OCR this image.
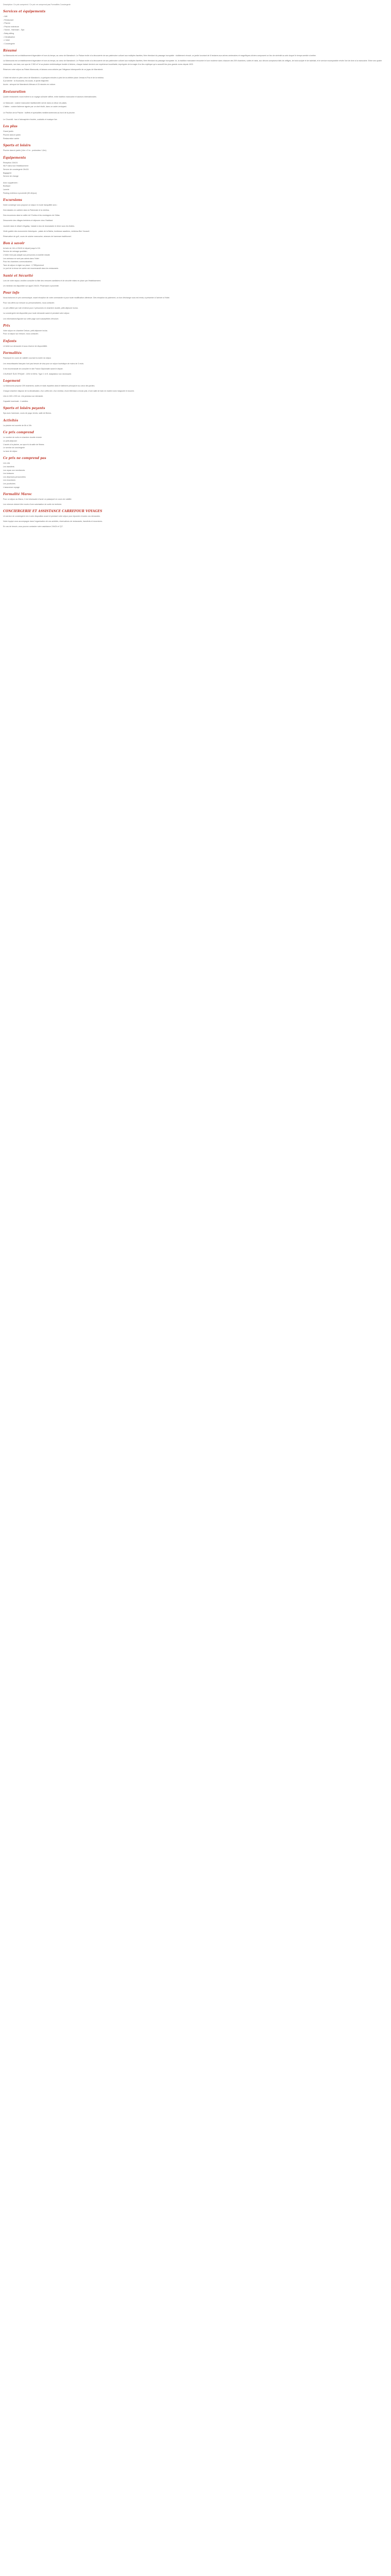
Description: Ce prix comprend / Ce prix ne comprend pas Formalités Conciergerie

Services et équipements

• Wifi

• Restaurant

• Piscine

• Piscine extérieure

• Sauna - Hammam - Spa

• Baby-sitting

• Climatisation

• L'hôtel

• Conciergerie

Résumé

La Mamounia est un établissement légendaire et hors du temps, au cœur de Marrakech. Le Palace invite à la découverte de son patrimoine culturel aux multiples facettes, fière étendard du passage incroyable : visiblement rénové, un jardin luxuriant de 8 hectares aux arbres centenaires et magnifiques oliviers composent un lieu de sérénité au sein duquel le temps semble s'arrêter.

La Mamounia est un établissement légendaire et hors du temps, au cœur de Marrakech. Le Palace invite à la découverte de son patrimoine culturel aux multiples facettes, fière étendard du passage incroyable. Ici, la tradition marocaine rencontre le luxe moderne dans chacune des 209 chambres, suites et riads, aux décors somptueux faits de zelliges, de bois sculpté et de tadelakt, et le service incomparable révèle l'art de vivre à la marocaine. Entre ses quatre restaurants, ses bars, son spa de 2 500 m² et sa piscine emblématique bordée d'oliviers, chaque instant devient une expérience inoubliable, imprégnée de la magie d'un lieu mythique qui a accueilli les plus grands noms depuis 1923.

Réservez votre séjour au Palais Mamounia, et laissez-vous séduire par l'élégance intemporelle de ce joyau de Marrakech.

L'hôtel est situé en plein cœur de Marrakech, à quelques minutes à pied de la célèbre place Jemaa el-Fna et de la médina.

À proximité : la Koutoubia, les souks, le jardin Majorelle.

Accès : aéroport de Marrakech-Ménara à 15 minutes en voiture.

Restauration

Quatre restaurants vous invitent à un voyage culinaire raffiné, entre tradition marocaine et saveurs internationales.

Le Marocain : cuisine marocaine traditionnelle servie dans un décor de palais.

L'Italien : cuisine italienne signée par un chef étoilé, dans un cadre verdoyant.

Le Pavillon de la Piscine : buffets et spécialités méditerranéennes au bord de la piscine.

Le Churchill : bar à l'atmosphère feutrée, cocktails et musique live.

Les plus

Grand jardin

Piscine dans le jardin

Restauration variée

Sports et loisirs

Piscine dans le jardin (14m x 5 m - profondeur 1,6m)

Équipements

Réception 24h/24

Wi-Fi dans tout l'établissement

Service de conciergerie 24h/24

Bagagerie

Service de change

Avec supplément :

Boutique

Laverie

Parking extérieur à proximité (50 dh/jour)

Excursions

Notre concierge vous propose un séjour en toute tranquillité avec :

Des balades en calèche dans la Palmeraie et la médina.

Des excursions dans la vallée de l'Ourika et les montagnes de l'Atlas.

Découverte des villages berbères et déjeuner chez l'habitant.

Journée dans le désert d'Agafay : balade à dos de dromadaire et dîner sous les étoiles.

Visite guidée des monuments historiques : palais de la Bahia, tombeaux saadiens, médersa Ben Youssef.

Réservation de golf, cours de cuisine marocaine, séances de hammam traditionnel.

Bon à savoir

Arrivée de 14h à 23h30 et départ jusqu'à 12h

Service de ménage quotidien

L'hôtel n'est pas adapté aux personnes à mobilité réduite

Les animaux ne sont pas admis dans l'hôtel

Pour les chambres communicantes :

Taxe de séjour à régler sur place : 2,75€/pers/nuit

Le port de la tenue de soirée est recommandé dans les restaurants

Santé et Sécurité

Lors de votre séjour, veuillez consulter la liste des mesures sanitaires et de sécurité mises en place par l'établissement.

Un médecin est disponible sur appel 24h/24. Pharmacie à proximité.

Pour info

Nous facturons le prix communiqué, avant réception de votre commande ni pour toute modification ultérieure. Dès réception du paiement, un bon d'échange vous est remis, à présenter à l'arrivée à l'hôtel.

Pour nos offres sur mesure ou personnalisées, nous contacter.

Le prix affiché par nuit s'entend pour 2 personnes en chambre double, petit-déjeuner inclus.

La conciergerie est disponible pour toute demande avant et pendant votre séjour.

Les informations figurant sur cette page sont susceptibles d'évoluer.

Prix

Votre séjour en chambre Deluxe, petit-déjeuner inclus.

Pour un séjour sur mesure, nous contacter.

Enfants

Lit bébé sur demande et sous réserve de disponibilité.

Formalités

Passeport en cours de validité couvrant la durée du séjour.

Les ressortissants français n'ont pas besoin de visa pour un séjour touristique de moins de 3 mois.

Il est recommandé de consulter le site France Diplomatie avant le départ.

COURANT ÉLECTRIQUE : 220V et 50Hz. Type C et E. Adaptateur non nécessaire.

Logement

La Mamounia propose 209 chambres, suites et riads réparties dans le bâtiment principal et au cœur des jardins.

Chaque chambre dispose de la climatisation, d'un coffre-fort, d'un minibar, d'une télévision à écran plat, d'une salle de bain en marbre avec baignoire et douche.

Lits en 160 x 200 cm. Lits jumeaux sur demande.

Capacité maximale : 4 adultes.

Sports et loisirs payants

Spa avec hammam, cours de yoga, tennis, salle de fitness.

Activités

La piscine est ouverte de 8h à 19h.

Ce prix comprend

Le nombre de nuits en chambre double choisie

Le petit-déjeuner

L'accès à la piscine, au spa et à la salle de fitness

Le service de conciergerie

La taxe de séjour

Ce prix ne comprend pas

Les vols

Les transferts

Les repas non mentionnés

Les boissons

Les dépenses personnelles

Les excursions

Les pourboires

L'assurance voyage

Formalité Maroc

Pour un séjour au Maroc, il est nécessaire d'avoir un passeport en cours de validité.

Les mineurs doivent être munis d'une autorisation de sortie du territoire.

CONCIERGERIE ET ASSISTANCE CARREFOUR VOYAGES

Un service de conciergerie est à votre disposition avant et pendant votre séjour pour répondre à toutes vos demandes.

Notre équipe vous accompagne dans l'organisation de vos activités, réservations de restaurants, transferts et excursions.

En cas de besoin, vous pouvez contacter notre assistance 24h/24 et 7j/7.
